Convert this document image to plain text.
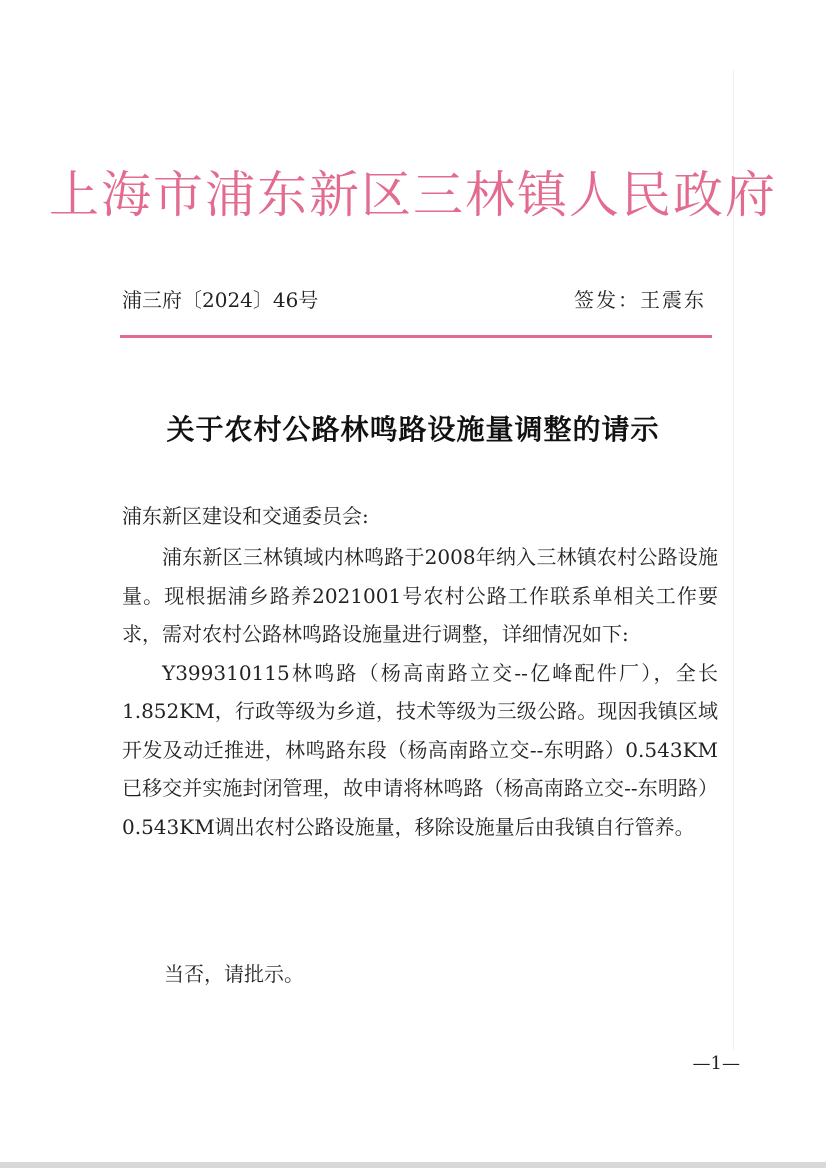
上海市浦东新区三林镇人民政府
浦三府〔2024〕46号	签发：王震东
关于农村公路林鸣路设施量调整的请示
浦东新区建设和交通委员会:

浦东新区三林镇域内林鸣路于2008年纳入三林镇农村公路设施量。现根据浦乡路养2021001号农村公路工作联系单相关工作要求，需对农村公路林鸣路设施量进行调整，详细情况如下:

Y399310115林鸣路（杨高南路立交--亿峰配件厂），全长1.852KM，行政等级为乡道，技术等级为三级公路。现因我镇区域开发及动迁推进，林鸣路东段（杨高南路立交--东明路）0.543KM已移交并实施封闭管理，故申请将林鸣路（杨高南路立交--东明路）0.543KM调出农村公路设施量，移除设施量后由我镇自行管养。

当否，请批示。
—1—
